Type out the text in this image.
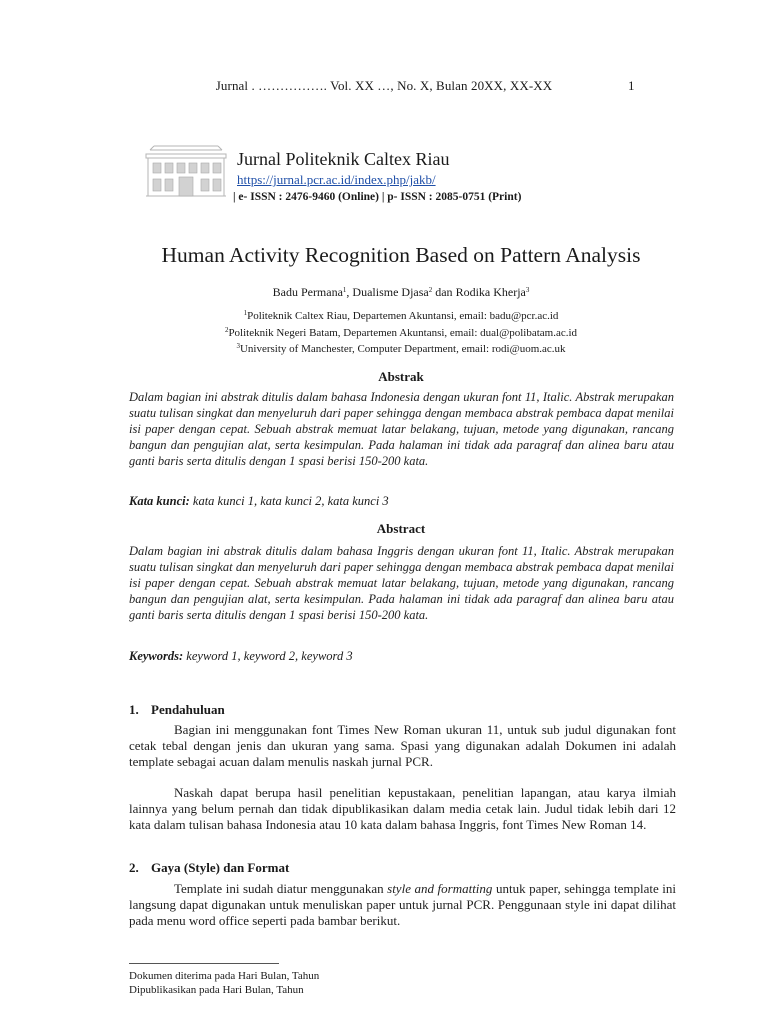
Jurnal . ……………. Vol. XX …, No. X, Bulan 20XX, XX-XX	1
Jurnal Politeknik Caltex Riau
https://jurnal.pcr.ac.id/index.php/jakb/
| e- ISSN : 2476-9460 (Online) | p- ISSN : 2085-0751 (Print)
Human Activity Recognition Based on Pattern Analysis
Badu Permana$^1$, Dualisme Djasa$^2$ dan Rodika Kherja$^3$
$^1$Politeknik Caltex Riau, Departemen Akuntansi, email: badu@pcr.ac.id
$^2$Politeknik Negeri Batam, Departemen Akuntansi, email: dual@polibatam.ac.id
$^3$University of Manchester, Computer Department, email: rodi@uom.ac.uk
Abstrak
Dalam bagian ini abstrak ditulis dalam bahasa Indonesia dengan ukuran font 11, Italic. Abstrak merupakan suatu tulisan singkat dan menyeluruh dari paper sehingga dengan membaca abstrak pembaca dapat menilai isi paper dengan cepat. Sebuah abstrak memuat latar belakang, tujuan, metode yang digunakan, rancang bangun dan pengujian alat, serta kesimpulan. Pada halaman ini tidak ada paragraf dan alinea baru atau ganti baris serta ditulis dengan 1 spasi berisi 150-200 kata.
Kata kunci: kata kunci 1, kata kunci 2, kata kunci 3
Abstract
Dalam bagian ini abstrak ditulis dalam bahasa Inggris dengan ukuran font 11, Italic. Abstrak merupakan suatu tulisan singkat dan menyeluruh dari paper sehingga dengan membaca abstrak pembaca dapat menilai isi paper dengan cepat. Sebuah abstrak memuat latar belakang, tujuan, metode yang digunakan, rancang bangun dan pengujian alat, serta kesimpulan. Pada halaman ini tidak ada paragraf dan alinea baru atau ganti baris serta ditulis dengan 1 spasi berisi 150-200 kata.
Keywords: keyword 1, keyword 2, keyword 3
1. Pendahuluan
Bagian ini menggunakan font Times New Roman ukuran 11, untuk sub judul digunakan font cetak tebal dengan jenis dan ukuran yang sama. Spasi yang digunakan adalah Dokumen ini adalah template sebagai acuan dalam menulis naskah jurnal PCR.
Naskah dapat berupa hasil penelitian kepustakaan, penelitian lapangan, atau karya ilmiah lainnya yang belum pernah dan tidak dipublikasikan dalam media cetak lain. Judul tidak lebih dari 12 kata dalam tulisan bahasa Indonesia atau 10 kata dalam bahasa Inggris, font Times New Roman 14.
2. Gaya (Style) dan Format
Template ini sudah diatur menggunakan style and formatting untuk paper, sehingga template ini langsung dapat digunakan untuk menuliskan paper untuk jurnal PCR. Penggunaan style ini dapat dilihat pada menu word office seperti pada bambar berikut.
Dokumen diterima pada Hari Bulan, Tahun
Dipublikasikan pada Hari Bulan, Tahun
